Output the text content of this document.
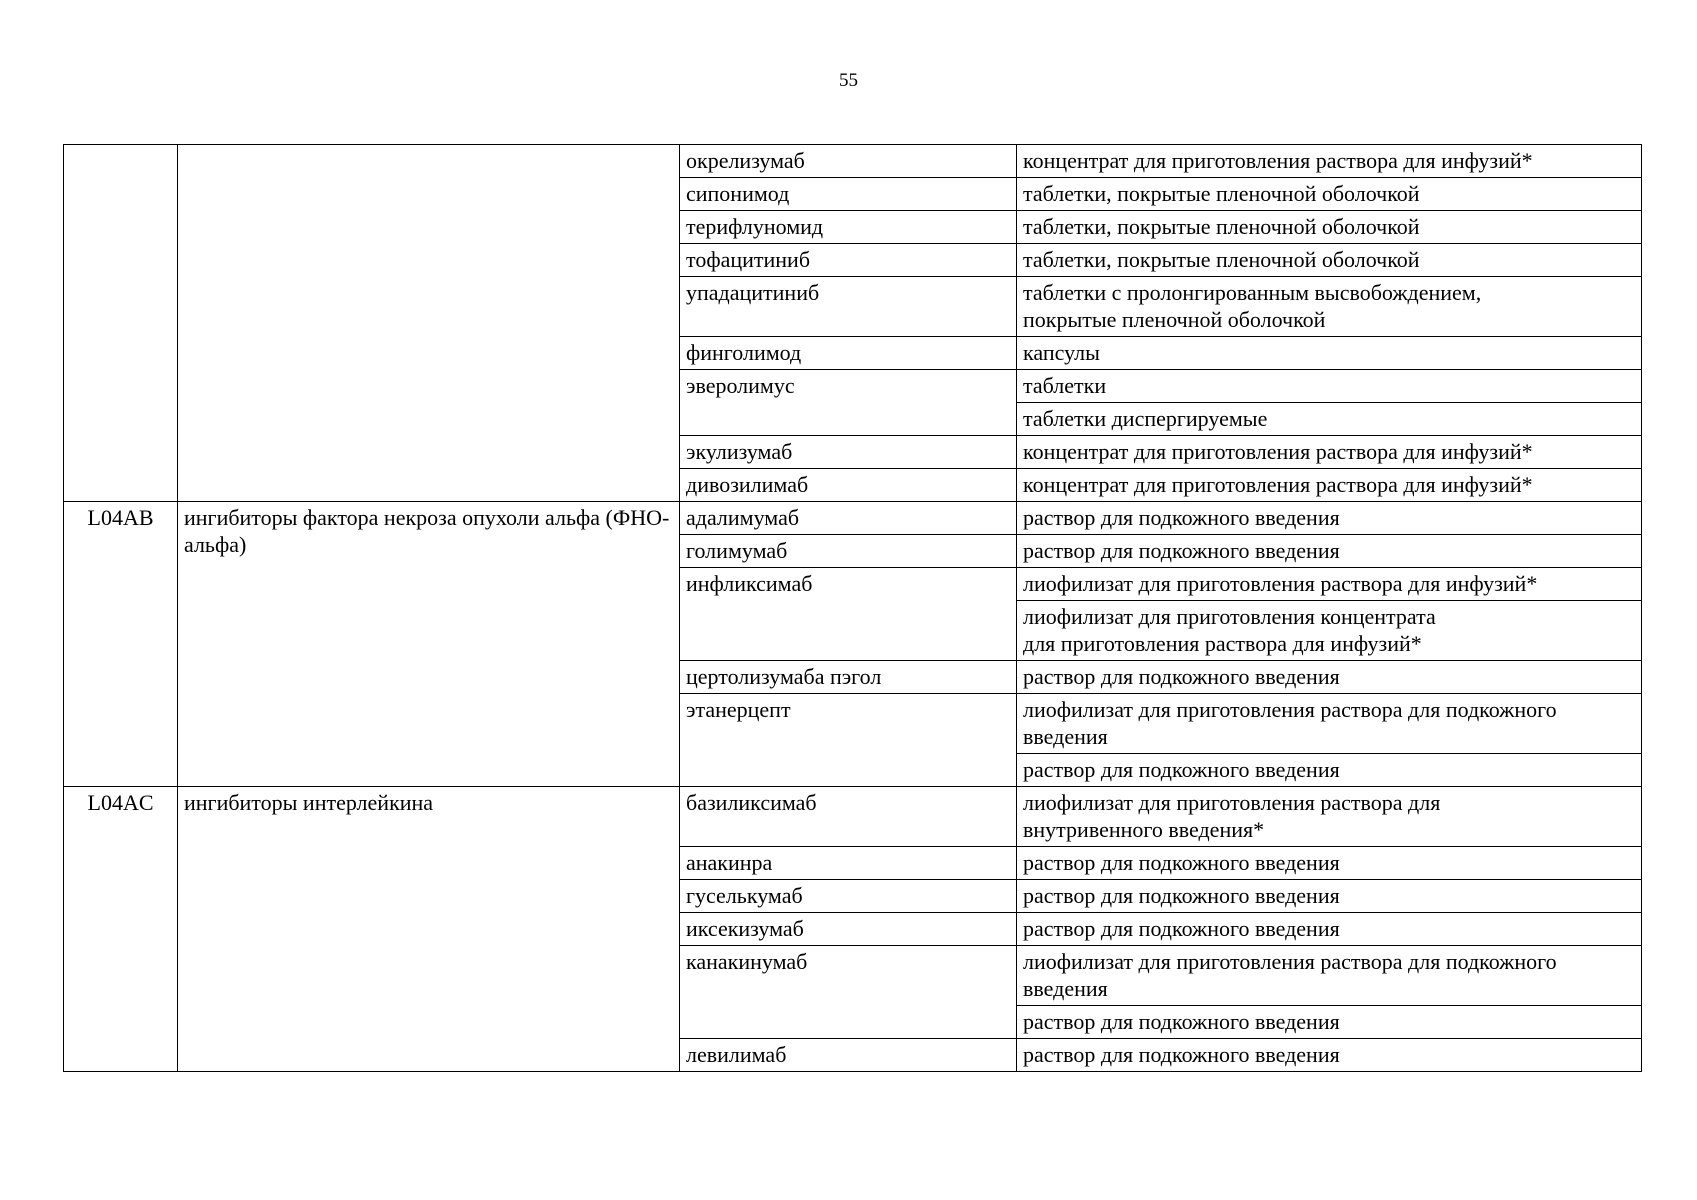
55
		окрелизумаб	концентрат для приготовления раствора для инфузий*
		сипонимод	таблетки, покрытые пленочной оболочкой
		терифлуномид	таблетки, покрытые пленочной оболочкой
		тофацитиниб	таблетки, покрытые пленочной оболочкой
		упадацитиниб	таблетки с пролонгированным высвобождением,
покрытые пленочной оболочкой

		финголимод	капсулы
		эверолимус	таблетки
			таблетки диспергируемые
		экулизумаб	концентрат для приготовления раствора для инфузий*
		дивозилимаб	концентрат для приготовления раствора для инфузий*
L04AB	ингибиторы фактора некроза опухоли альфа (ФНО-альфа)	адалимумаб	раствор для подкожного введения
		голимумаб	раствор для подкожного введения
		инфликсимаб	лиофилизат для приготовления раствора для инфузий*

			лиофилизат для приготовления концентрата
для приготовления раствора для инфузий*

		цертолизумаба пэгол	раствор для подкожного введения
		этанерцепт	лиофилизат для приготовления раствора для подкожного
введения

			раствор для подкожного введения
L04AC	ингибиторы интерлейкина	базиликсимаб	лиофилизат для приготовления раствора для
внутривенного введения*

		анакинра	раствор для подкожного введения
		гуселькумаб	раствор для подкожного введения
		иксекизумаб	раствор для подкожного введения
		канакинумаб	лиофилизат для приготовления раствора для подкожного
введения

			раствор для подкожного введения
		левилимаб	раствор для подкожного введения
